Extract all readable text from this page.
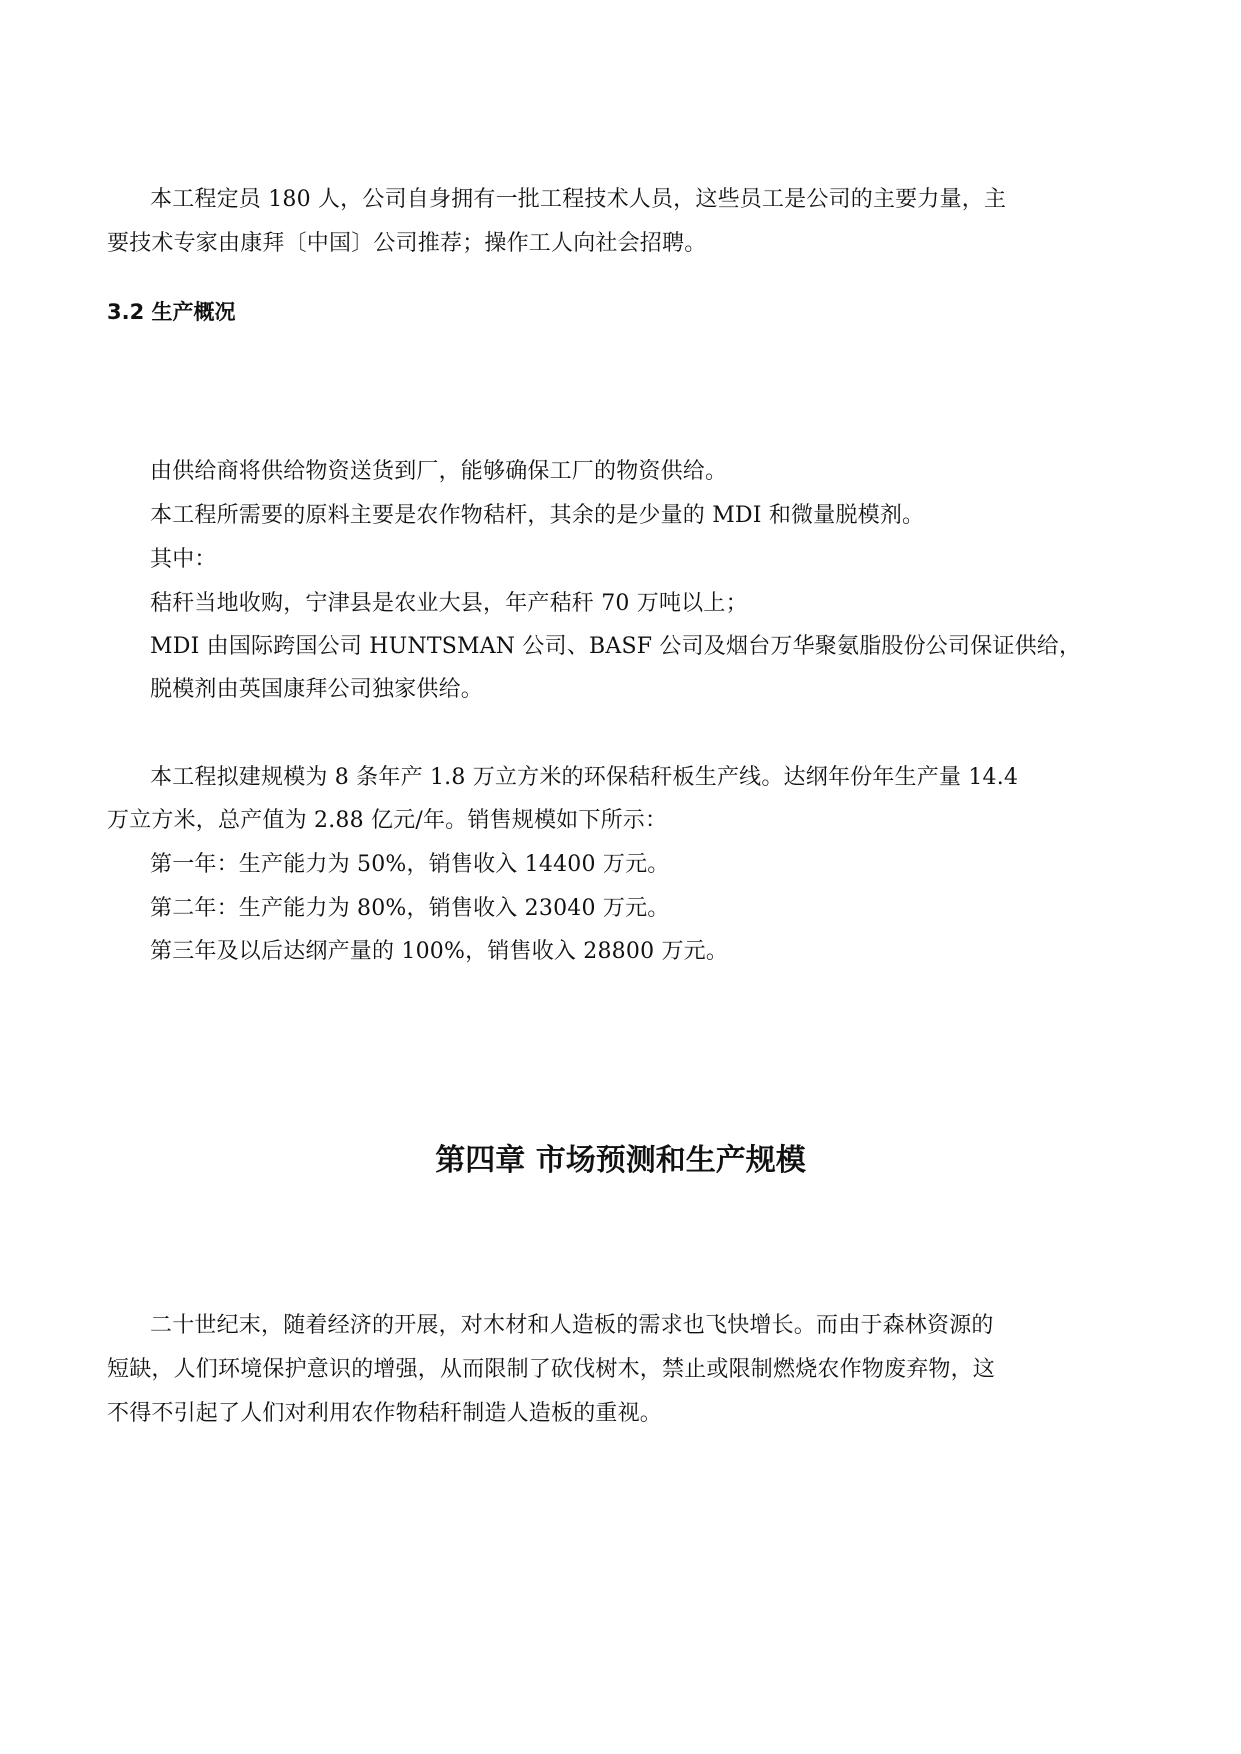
本工程定员 180 人，公司自身拥有一批工程技术人员，这些员工是公司的主要力量，主
要技术专家由康拜〔中国〕公司推荐；操作工人向社会招聘。
3.2 生产概况
由供给商将供给物资送货到厂，能够确保工厂的物资供给。
本工程所需要的原料主要是农作物秸杆，其余的是少量的 MDI 和微量脱模剂。
其中：
秸秆当地收购，宁津县是农业大县，年产秸秆 70 万吨以上；
MDI 由国际跨国公司 HUNTSMAN 公司、BASF 公司及烟台万华聚氨脂股份公司保证供给，
脱模剂由英国康拜公司独家供给。
本工程拟建规模为 8 条年产 1.8 万立方米的环保秸秆板生产线。达纲年份年生产量 14.4
万立方米，总产值为 2.88 亿元/年。销售规模如下所示：
第一年：生产能力为 50%，销售收入 14400 万元。
第二年：生产能力为 80%，销售收入 23040 万元。
第三年及以后达纲产量的 100%，销售收入 28800 万元。
第四章 市场预测和生产规模
二十世纪末，随着经济的开展，对木材和人造板的需求也飞快增长。而由于森林资源的
短缺，人们环境保护意识的增强，从而限制了砍伐树木，禁止或限制燃烧农作物废弃物，这
不得不引起了人们对利用农作物秸秆制造人造板的重视。
